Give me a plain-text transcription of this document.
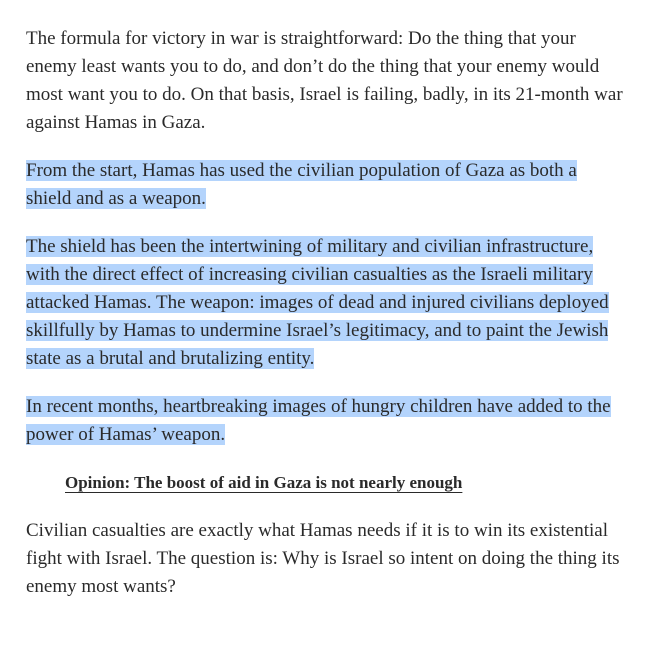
The formula for victory in war is straightforward: Do the thing that your enemy least wants you to do, and don’t do the thing that your enemy would most want you to do. On that basis, Israel is failing, badly, in its 21-month war against Hamas in Gaza.

From the start, Hamas has used the civilian population of Gaza as both a shield and as a weapon.

The shield has been the intertwining of military and civilian infrastructure, with the direct effect of increasing civilian casualties as the Israeli military attacked Hamas. The weapon: images of dead and injured civilians deployed skillfully by Hamas to undermine Israel’s legitimacy, and to paint the Jewish state as a brutal and brutalizing entity.

In recent months, heartbreaking images of hungry children have added to the power of Hamas’ weapon.

Opinion: The boost of aid in Gaza is not nearly enough

Civilian casualties are exactly what Hamas needs if it is to win its existential fight with Israel. The question is: Why is Israel so intent on doing the thing its enemy most wants?
